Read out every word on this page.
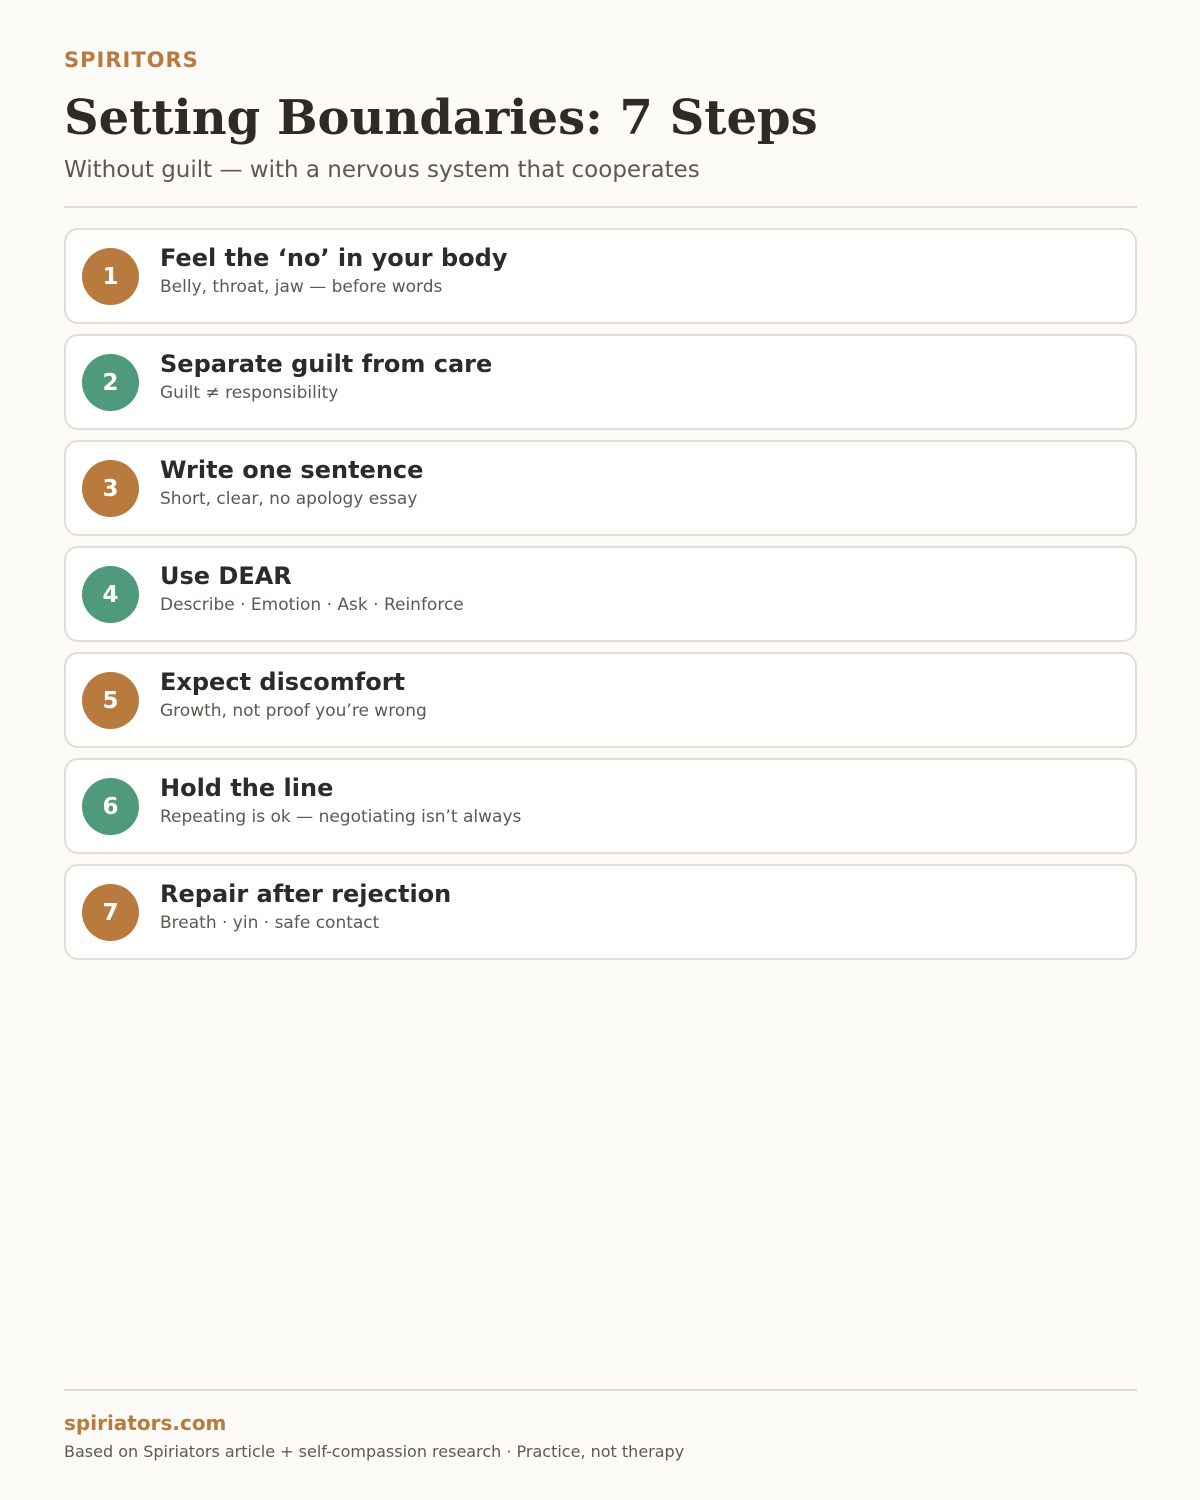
SPIRITORS
Setting Boundaries: 7 Steps
Without guilt — with a nervous system that cooperates
1
Feel the ‘no’ in your body
Belly, throat, jaw — before words
2
Separate guilt from care
Guilt ≠ responsibility
3
Write one sentence
Short, clear, no apology essay
4
Use DEAR
Describe · Emotion · Ask · Reinforce
5
Expect discomfort
Growth, not proof you’re wrong
6
Hold the line
Repeating is ok — negotiating isn’t always
7
Repair after rejection
Breath · yin · safe contact
spiriators.com
Based on Spiriators article + self-compassion research · Practice, not therapy
